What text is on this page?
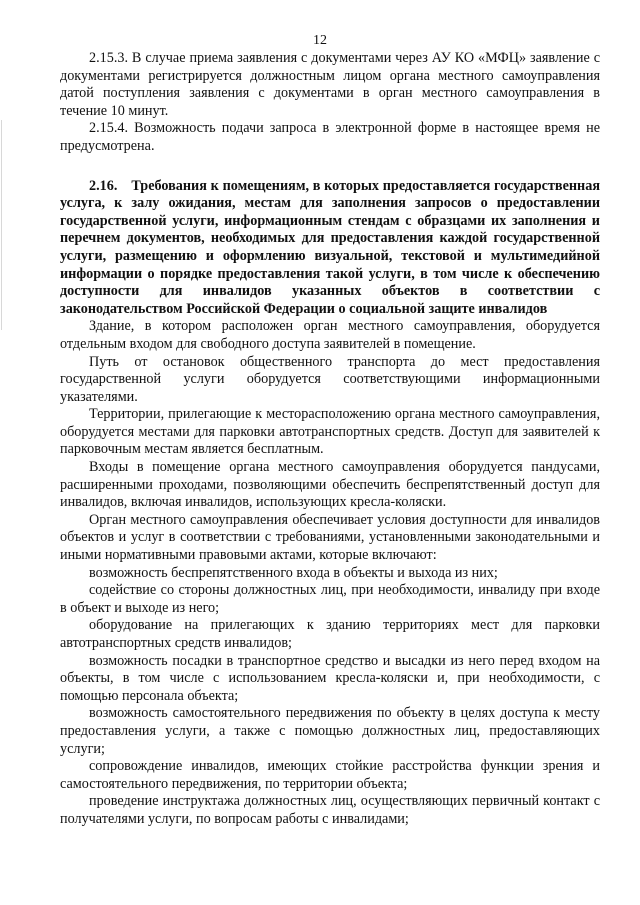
12

2.15.3. В случае приема заявления с документами через АУ КО «МФЦ» заявление с документами регистрируется должностным лицом органа местного самоуправления датой поступления заявления с документами в орган местного самоуправления в течение 10 минут.

2.15.4. Возможность подачи запроса в электронной форме в настоящее время не предусмотрена.

2.16. Требования к помещениям, в которых предоставляется государственная услуга, к залу ожидания, местам для заполнения запросов о предоставлении государственной услуги, информационным стендам с образцами их заполнения и перечнем документов, необходимых для предоставления каждой государственной услуги, размещению и оформлению визуальной, текстовой и мультимедийной информации о порядке предоставления такой услуги, в том числе к обеспечению доступности для инвалидов указанных объектов в соответствии с законодательством Российской Федерации о социальной защите инвалидов

Здание, в котором расположен орган местного самоуправления, оборудуется отдельным входом для свободного доступа заявителей в помещение.

Путь от остановок общественного транспорта до мест предоставления государственной услуги оборудуется соответствующими информационными указателями.

Территории, прилегающие к месторасположению органа местного самоуправления, оборудуется местами для парковки автотранспортных средств. Доступ для заявителей к парковочным местам является бесплатным.

Входы в помещение органа местного самоуправления оборудуется пандусами, расширенными проходами, позволяющими обеспечить беспрепятственный доступ для инвалидов, включая инвалидов, использующих кресла-коляски.

Орган местного самоуправления обеспечивает условия доступности для инвалидов объектов и услуг в соответствии с требованиями, установленными законодательными и иными нормативными правовыми актами, которые включают:

возможность беспрепятственного входа в объекты и выхода из них;

содействие со стороны должностных лиц, при необходимости, инвалиду при входе в объект и выходе из него;

оборудование на прилегающих к зданию территориях мест для парковки автотранспортных средств инвалидов;

возможность посадки в транспортное средство и высадки из него перед входом на объекты, в том числе с использованием кресла-коляски и, при необходимости, с помощью персонала объекта;

возможность самостоятельного передвижения по объекту в целях доступа к месту предоставления услуги, а также с помощью должностных лиц, предоставляющих услуги;

сопровождение инвалидов, имеющих стойкие расстройства функции зрения и самостоятельного передвижения, по территории объекта;

проведение инструктажа должностных лиц, осуществляющих первичный контакт с получателями услуги, по вопросам работы с инвалидами;
